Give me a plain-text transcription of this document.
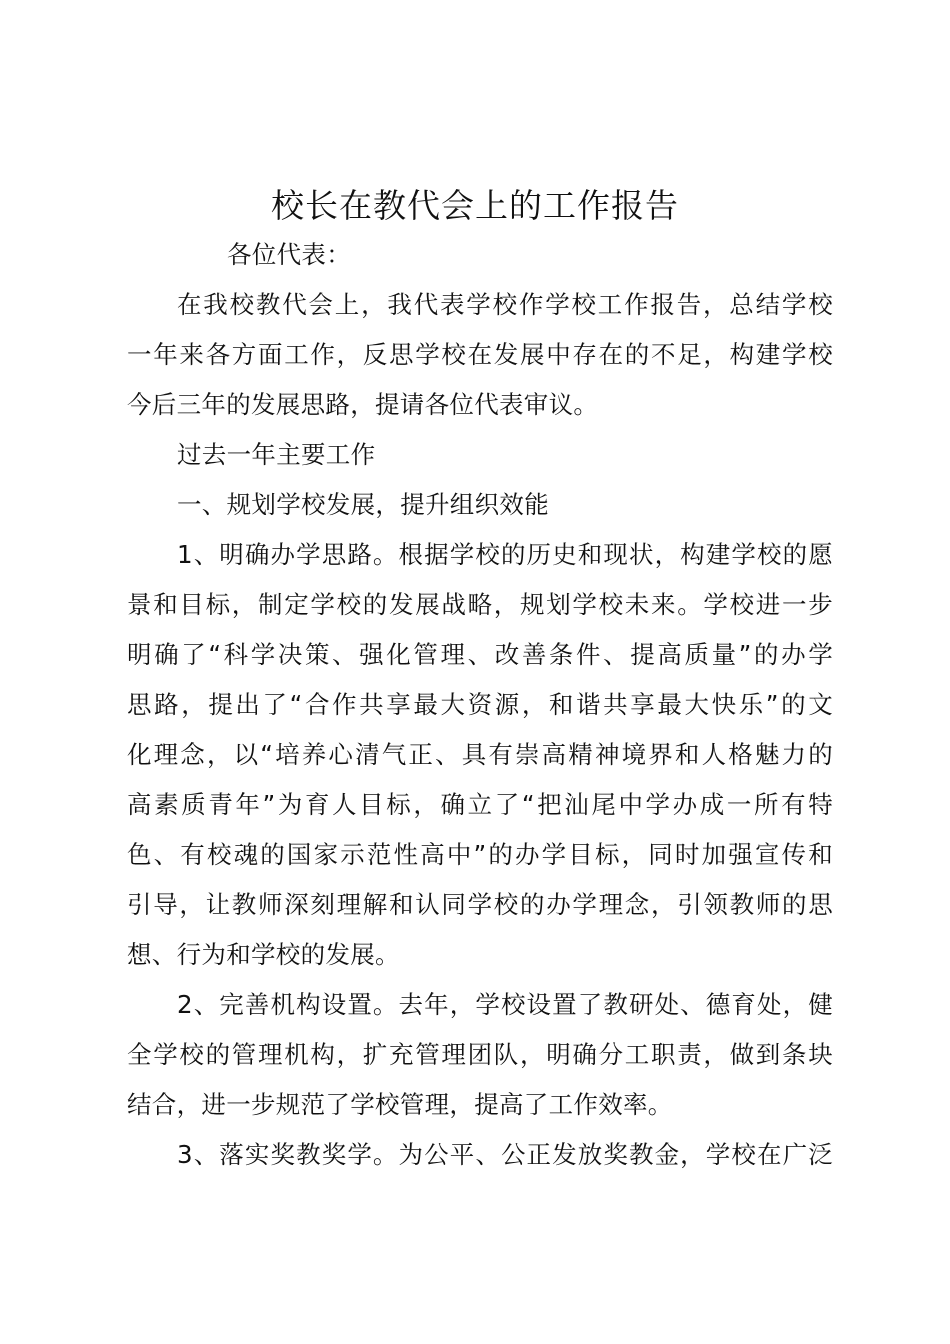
校长在教代会上的工作报告

各位代表：

在我校教代会上，我代表学校作学校工作报告，总结学校
一年来各方面工作，反思学校在发展中存在的不足，构建学校
今后三年的发展思路，提请各位代表审议。

过去一年主要工作

一、规划学校发展，提升组织效能

1、明确办学思路。根据学校的历史和现状，构建学校的愿
景和目标，制定学校的发展战略，规划学校未来。学校进一步
明确了“科学决策、强化管理、改善条件、提高质量”的办学
思路，提出了“合作共享最大资源，和谐共享最大快乐”的文
化理念，以“培养心清气正、具有崇高精神境界和人格魅力的
高素质青年”为育人目标，确立了“把汕尾中学办成一所有特
色、有校魂的国家示范性高中”的办学目标，同时加强宣传和
引导，让教师深刻理解和认同学校的办学理念，引领教师的思
想、行为和学校的发展。

2、完善机构设置。去年，学校设置了教研处、德育处，健
全学校的管理机构，扩充管理团队，明确分工职责，做到条块
结合，进一步规范了学校管理，提高了工作效率。

3、落实奖教奖学。为公平、公正发放奖教金，学校在广泛
